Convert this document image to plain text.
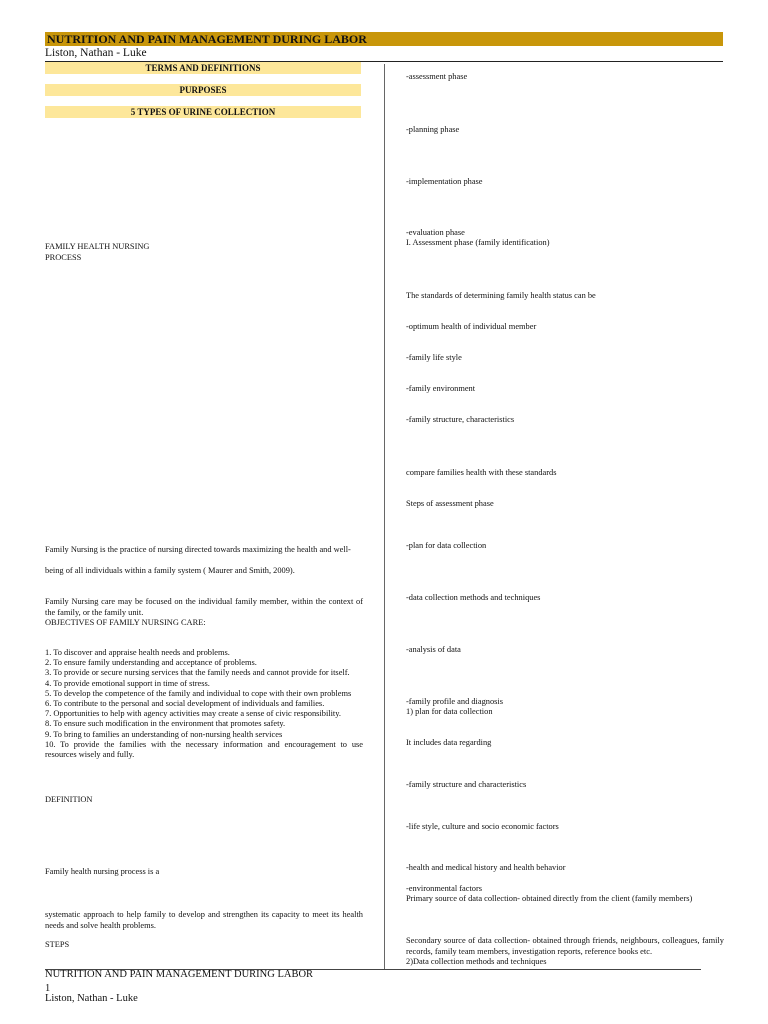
NUTRITION AND PAIN MANAGEMENT DURING LABOR
Liston, Nathan - Luke
TERMS AND DEFINITIONS
PURPOSES
5 TYPES OF URINE COLLECTION
FAMILY HEALTH NURSING
PROCESS
Family Nursing is the practice of nursing directed towards maximizing the health and well-
being of all individuals within a family system ( Maurer and Smith, 2009).
Family Nursing care may be focused on the individual family member, within the context of the family, or the family unit.
OBJECTIVES OF FAMILY NURSING CARE:
1. To discover and appraise health needs and problems.
2. To ensure family understanding and acceptance of problems.
3. To provide or secure nursing services that the family needs and cannot provide for itself.
4. To provide emotional support in time of stress.
5. To develop the competence of the family and individual to cope with their own problems
6. To contribute to the personal and social development of individuals and families.
7. Opportunities to help with agency activities may create a sense of civic responsibility.
8. To ensure such modification in the environment that promotes safety.
9. To bring to families an understanding of non-nursing health services
10. To provide the families with the necessary information and encouragement to use resources wisely and fully.
DEFINITION
Family health nursing process is a
systematic approach to help family to develop and strengthen its capacity to meet its health needs and solve health problems.
STEPS
-assessment phase
-planning phase
-implementation phase
-evaluation phase
I. Assessment phase (family identification)
The standards of determining family health status can be
-optimum health of individual member
-family life style
-family environment
-family structure, characteristics
compare families health with these standards
Steps of assessment phase
-plan for data collection
-data collection methods and techniques
-analysis of data
-family profile and diagnosis
1) plan for data collection
It includes data regarding
-family structure and characteristics
-life style, culture and socio economic factors
-health and medical history and health behavior
-environmental factors
Primary source of data collection- obtained directly from the client (family members)
Secondary source of data collection- obtained through friends, neighbours, colleagues, family records, family team members, investigation reports, reference books etc.
2)Data collection methods and techniques
NUTRITION AND PAIN MANAGEMENT DURING LABOR
1
Liston, Nathan - Luke
